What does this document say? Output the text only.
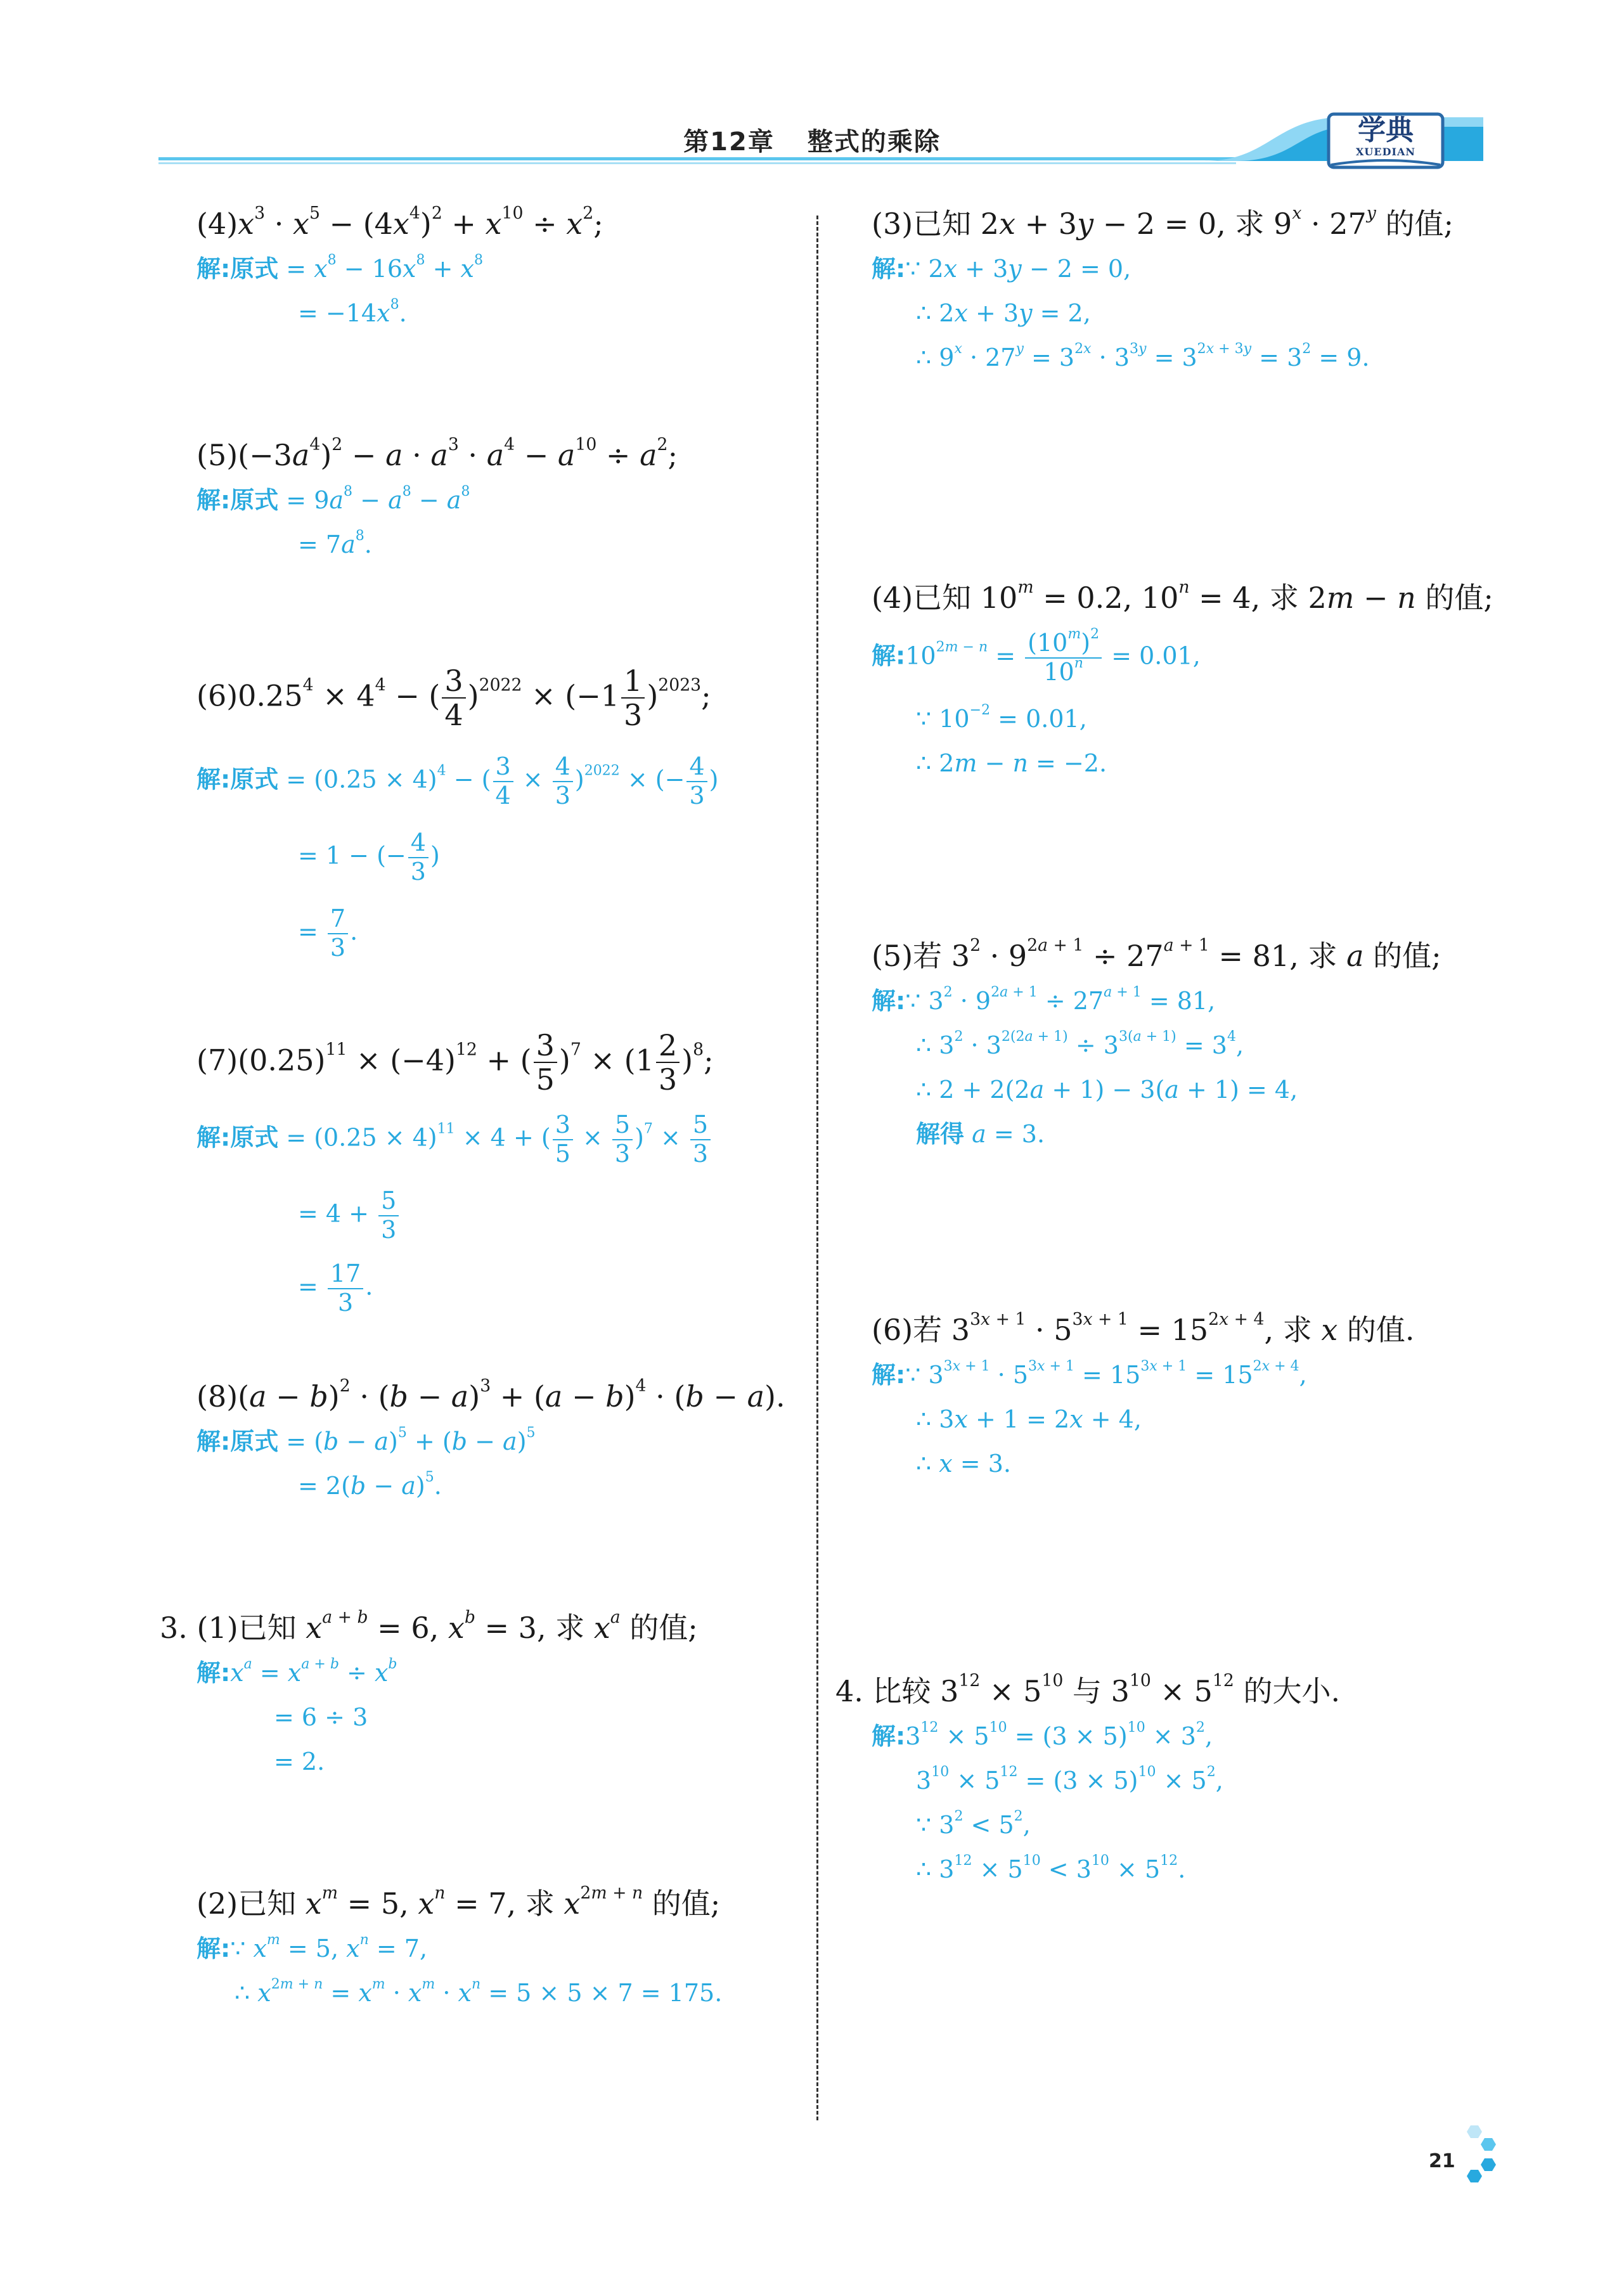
学典
XUEDIAN
第12章 整式的乘除
$(4)x^3 \cdot x^5 - (4x^4)^2 + x^{10} \div x^2$;
解:原式 = $x^8 - 16x^8 + x^8$
= $-14x^8$.
$(5)(-3a^4)^2 - a \cdot a^3 \cdot a^4 - a^{10} \div a^2$;
解:原式 = $9a^8 - a^8 - a^8$
= $7a^8$.
$(6)0.25^4 \times 4^4$ − ( $\frac{3}{4} )^{2022} \times (-1 \frac{1}{3} )^{2023}$;
解:原式 = $(0.25 \times 4)^4$ − ( $\frac{3}{4} \times \frac{4}{3} )^{2022}$ × (− $\frac{4}{3}$ )
= 1 − (− $\frac{4}{3}$ )
= $\frac{7}{3}$ .
$(7)(0.25)^{11} \times (-4)^{12}$ + ( $\frac{3}{5} )^7 \times (1 \frac{2}{3} )^8$;
解:原式 = $(0.25 \times 4)^{11} \times 4$ + ( $\frac{3}{5} \times \frac{5}{3} )^7 \times \frac{5}{3}$
= $4 + \frac{5}{3}$
= $\frac{17}{3}$ .
$(8)(a - b)^2 \cdot (b - a)^3 + (a - b)^4 \cdot (b - a)$.
解:原式 = $(b - a)^5 + (b - a)^5$
= $2(b - a)^5$.
3. (1)已知 $x^{a + b} = 6$, $x^b = 3$, 求 $x^a$ 的值;
解$:x^a = x^{a + b} \div x^b$
= 6 ÷ 3
= 2.
(2)已知 $x^m = 5$, $x^n = 7$, 求 $x^{2m + n}$ 的值;
解:∵ $x^m = 5$, $x^n = 7$,
∴ $x^{2m + n} = x^m \cdot x^m \cdot x^n = 5 \times 5 \times 7 = 175$.
(3)已知 2x + 3y − 2 = 0, 求 $9^x \cdot 27^y$ 的值;
解:∵ 2x + 3y − 2 = 0,
∴ 2x + 3y = 2,
∴ $9^x \cdot 27^y = 3^{2x} \cdot 3^{3y} = 3^{2x + 3y} = 3^2 = 9$.
(4)已知 $10^m = 0.2$, $10^n = 4$, 求 2m − n 的值;
解$:10^{2m - n} = \frac{(10^m)^2}{10^n} = 0.01$,
∵ $10^{-2} = 0.01$,
∴ 2m − n = −2.
(5)若 $3^2 \cdot 9^{2a + 1} \div 27^{a + 1} = 81$, 求 a 的值;
解:∵ $3^2 \cdot 9^{2a + 1} \div 27^{a + 1} = 81$,
∴ $3^2 \cdot 3^{2(2a + 1)} \div 3^{3(a + 1)} = 3^4$,
∴ 2 + 2(2a + 1) − 3(a + 1) = 4,
解得 a = 3.
(6)若 $3^{3x + 1} \cdot 5^{3x + 1} = 15^{2x + 4}$, 求 x 的值.
解:∵ $3^{3x + 1} \cdot 5^{3x + 1} = 15^{3x + 1} = 15^{2x + 4}$,
∴ 3x + 1 = 2x + 4,
∴ x = 3.
4. 比较 $3^{12} \times 5^{10}$ 与 $3^{10} \times 5^{12}$ 的大小.
解$:3^{12} \times 5^{10} = (3 \times 5)^{10} \times 3^2$,
$3^{10} \times 5^{12} = (3 \times 5)^{10} \times 5^2$,
∵ $3^2 < 5^2$,
∴ $3^{12} \times 5^{10} < 3^{10} \times 5^{12}$.
21
